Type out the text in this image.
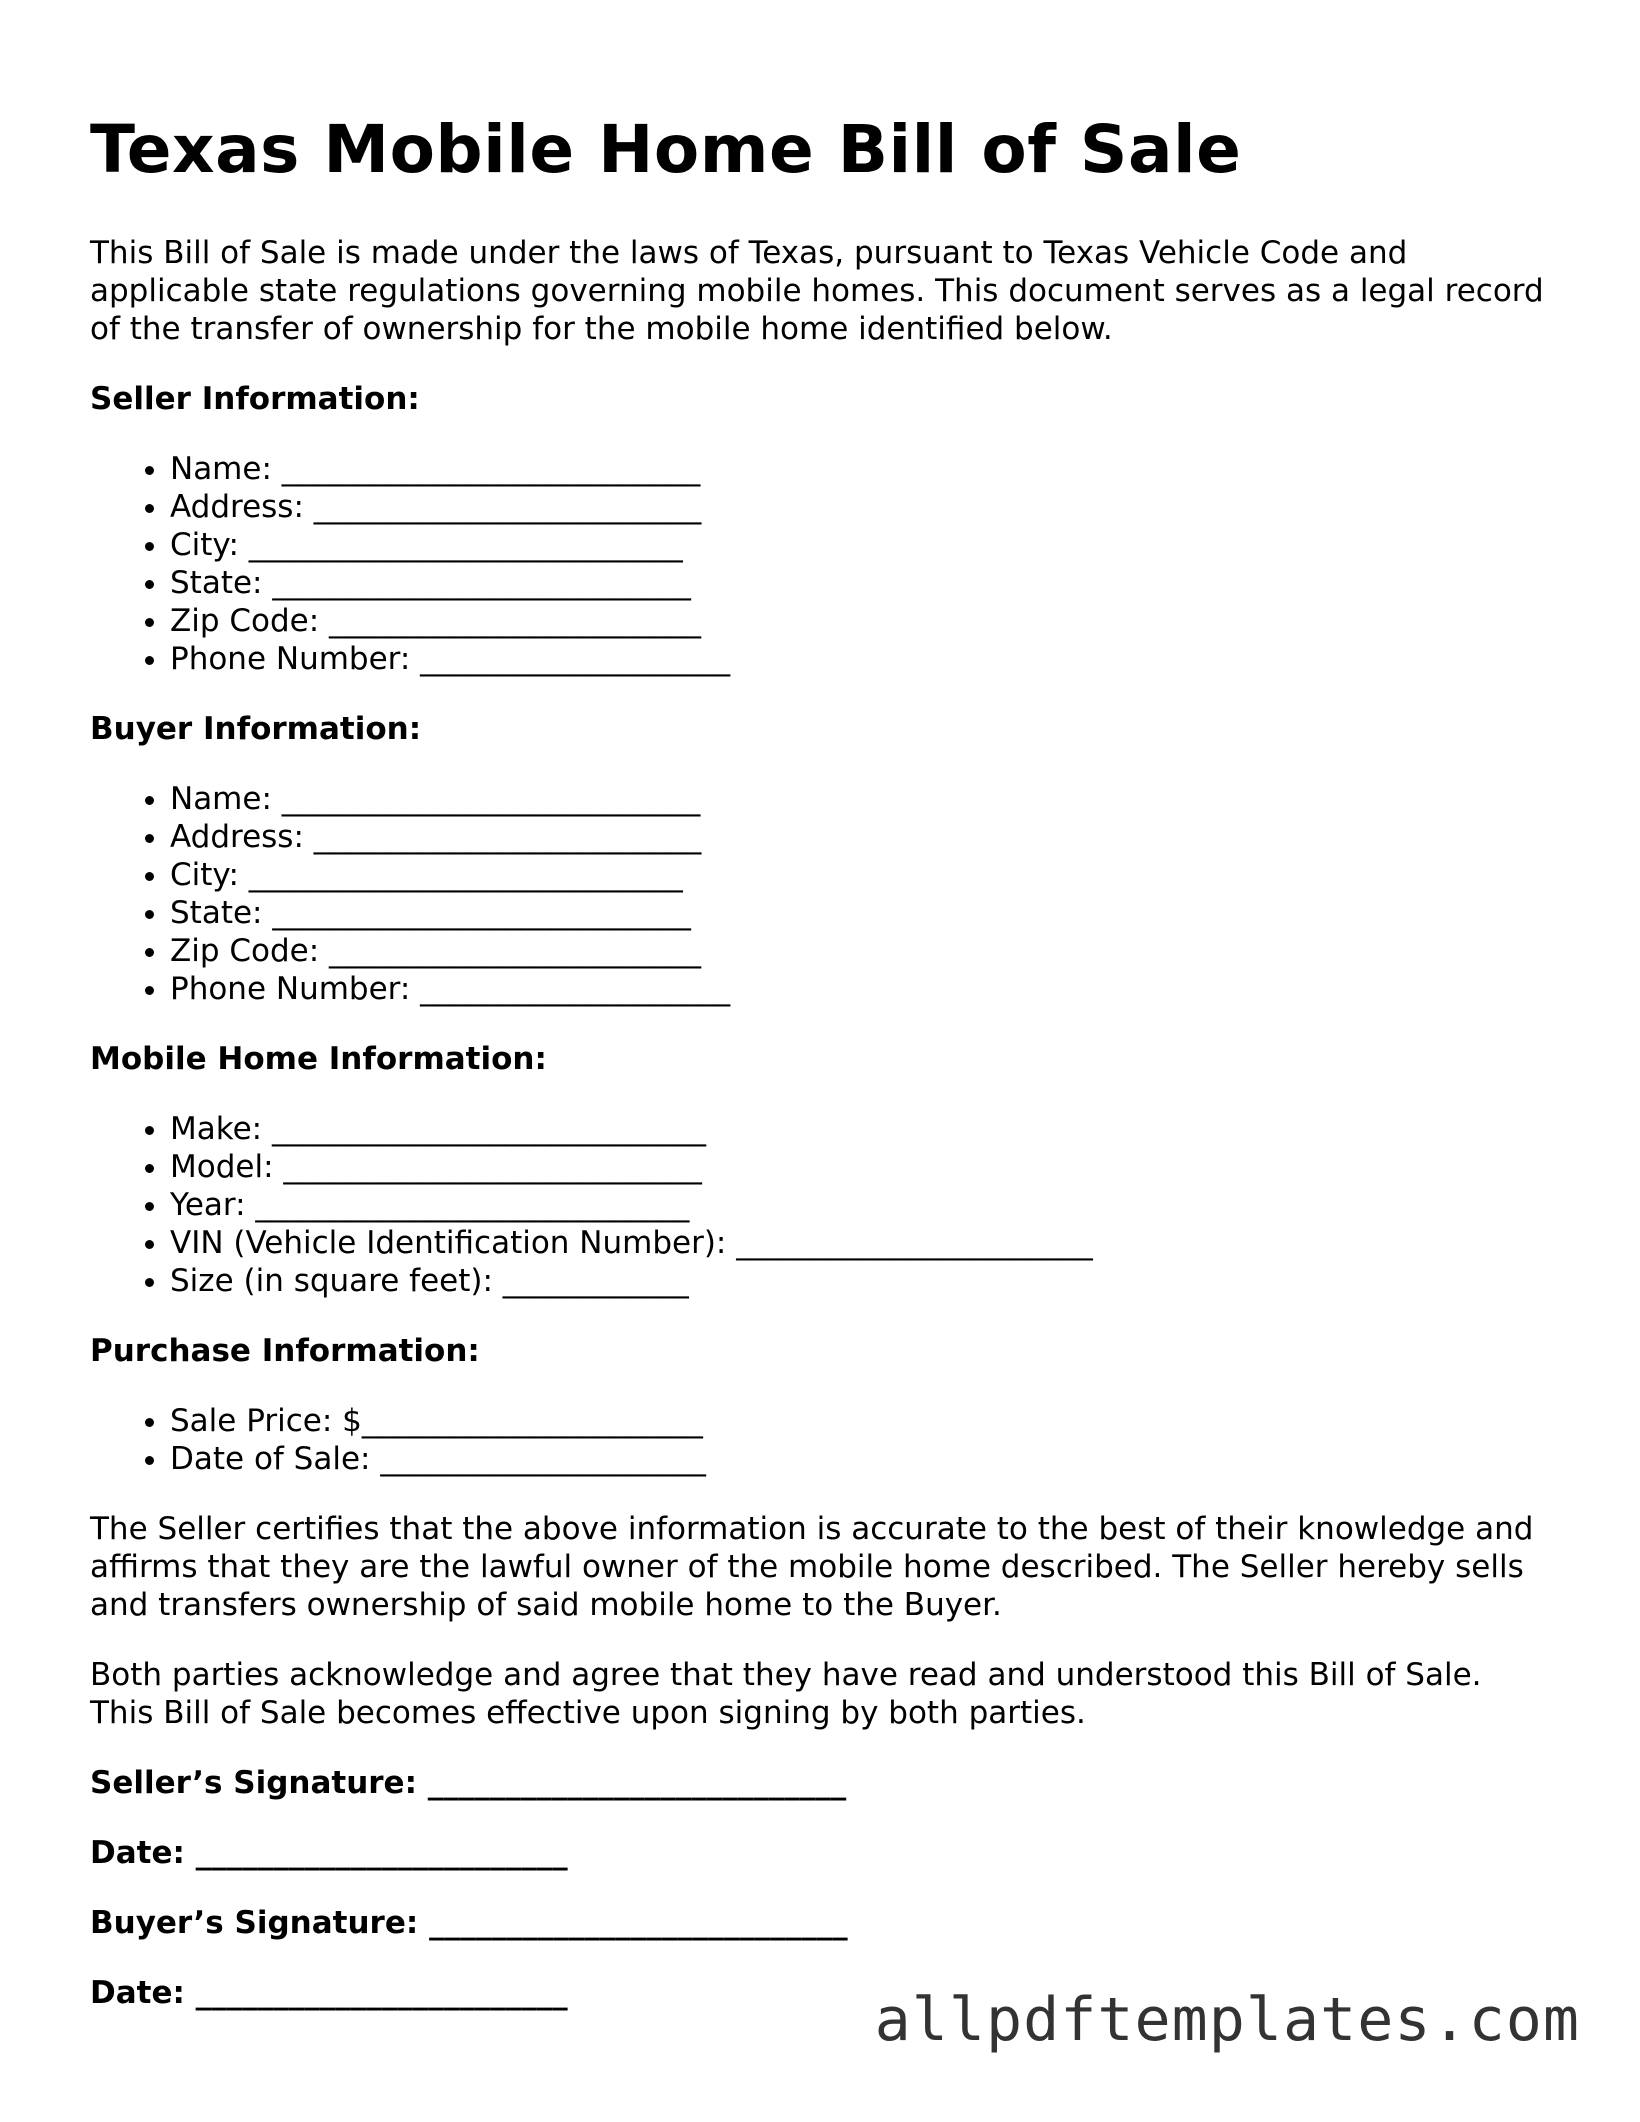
Texas Mobile Home Bill of Sale

This Bill of Sale is made under the laws of Texas, pursuant to Texas Vehicle Code and applicable state regulations governing mobile homes. This document serves as a legal record of the transfer of ownership for the mobile home identified below.

Seller Information:
• Name: ___________________________
• Address: _________________________
• City: ____________________________
• State: ___________________________
• Zip Code: ________________________
• Phone Number: ____________________
Buyer Information:
• Name: ___________________________
• Address: _________________________
• City: ____________________________
• State: ___________________________
• Zip Code: ________________________
• Phone Number: ____________________
Mobile Home Information:
• Make: ____________________________
• Model: ___________________________
• Year: ____________________________
• VIN (Vehicle Identification Number): _______________________
• Size (in square feet): ____________
Purchase Information:
• Sale Price: $______________________
• Date of Sale: _____________________

The Seller certifies that the above information is accurate to the best of their knowledge and affirms that they are the lawful owner of the mobile home described. The Seller hereby sells and transfers ownership of said mobile home to the Buyer.

Both parties acknowledge and agree that they have read and understood this Bill of Sale. This Bill of Sale becomes effective upon signing by both parties.

Seller’s Signature: ___________________________
Date: ________________________
Buyer’s Signature: ___________________________
Date: ________________________	allpdftemplates.com
